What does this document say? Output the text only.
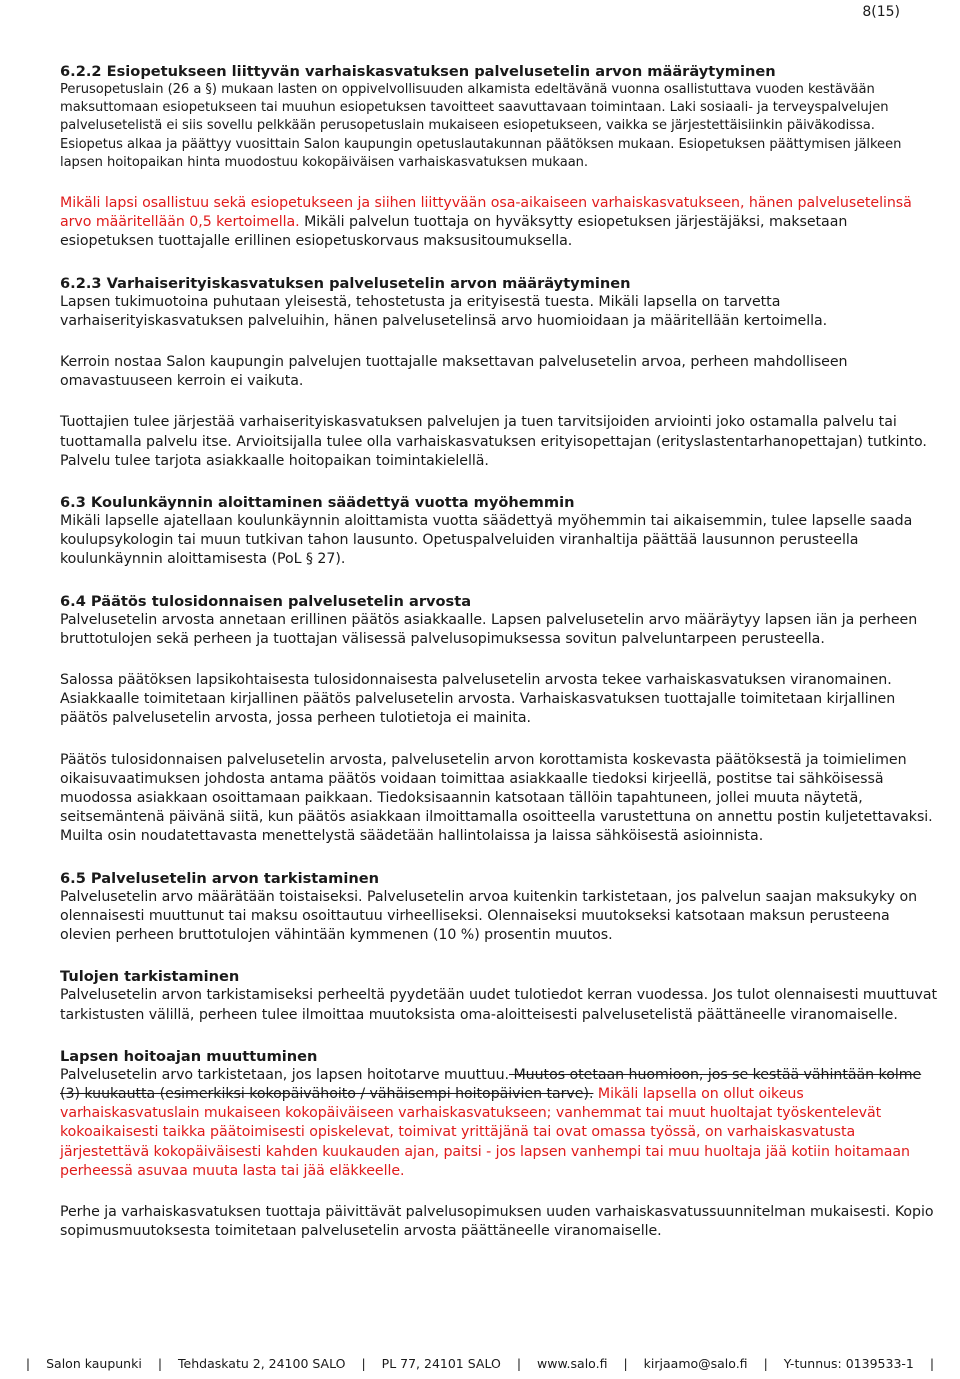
8(15)
6.2.2 Esiopetukseen liittyvän varhaiskasvatuksen palvelusetelin arvon määräytyminen

Perusopetuslain (26 a §) mukaan lasten on oppivelvollisuuden alkamista edeltävänä vuonna osallistuttava vuoden kestävään maksuttomaan esiopetukseen tai muuhun esiopetuksen tavoitteet saavuttavaan toimintaan. Laki sosiaali- ja terveyspalvelujen palvelusetelistä ei siis sovellu pelkkään perusopetuslain mukaiseen esiopetukseen, vaikka se järjestettäisiinkin päiväkodissa. Esiopetus alkaa ja päättyy vuosittain Salon kaupungin opetuslautakunnan päätöksen mukaan. Esiopetuksen päättymisen jälkeen lapsen hoitopaikan hinta muodostuu kokopäiväisen varhaiskasvatuksen mukaan.

Mikäli lapsi osallistuu sekä esiopetukseen ja siihen liittyvään osa-aikaiseen varhaiskasvatukseen, hänen palvelusetelinsä arvo määritellään 0,5 kertoimella. Mikäli palvelun tuottaja on hyväksytty esiopetuksen järjestäjäksi, maksetaan esiopetuksen tuottajalle erillinen esiopetuskorvaus maksusitoumuksella.

6.2.3 Varhaiserityiskasvatuksen palvelusetelin arvon määräytyminen

Lapsen tukimuotoina puhutaan yleisestä, tehostetusta ja erityisestä tuesta. Mikäli lapsella on tarvetta varhaiserityiskasvatuksen palveluihin, hänen palvelusetelinsä arvo huomioidaan ja määritellään kertoimella.

Kerroin nostaa Salon kaupungin palvelujen tuottajalle maksettavan palvelusetelin arvoa, perheen mahdolliseen omavastuuseen kerroin ei vaikuta.

Tuottajien tulee järjestää varhaiserityiskasvatuksen palvelujen ja tuen tarvitsijoiden arviointi joko ostamalla palvelu tai tuottamalla palvelu itse. Arvioitsijalla tulee olla varhaiskasvatuksen erityisopettajan (erityslastentarhanopettajan) tutkinto. Palvelu tulee tarjota asiakkaalle hoitopaikan toimintakielellä.

6.3 Koulunkäynnin aloittaminen säädettyä vuotta myöhemmin

Mikäli lapselle ajatellaan koulunkäynnin aloittamista vuotta säädettyä myöhemmin tai aikaisemmin, tulee lapselle saada koulupsykologin tai muun tutkivan tahon lausunto. Opetuspalveluiden viranhaltija päättää lausunnon perusteella koulunkäynnin aloittamisesta (PoL § 27).

6.4 Päätös tulosidonnaisen palvelusetelin arvosta

Palvelusetelin arvosta annetaan erillinen päätös asiakkaalle. Lapsen palvelusetelin arvo määräytyy lapsen iän ja perheen bruttotulojen sekä perheen ja tuottajan välisessä palvelusopimuksessa sovitun palveluntarpeen perusteella.

Salossa päätöksen lapsikohtaisesta tulosidonnaisesta palvelusetelin arvosta tekee varhaiskasvatuksen viranomainen. Asiakkaalle toimitetaan kirjallinen päätös palvelusetelin arvosta. Varhaiskasvatuksen tuottajalle toimitetaan kirjallinen päätös palvelusetelin arvosta, jossa perheen tulotietoja ei mainita.

Päätös tulosidonnaisen palvelusetelin arvosta, palvelusetelin arvon korottamista koskevasta päätöksestä ja toimielimen oikaisuvaatimuksen johdosta antama päätös voidaan toimittaa asiakkaalle tiedoksi kirjeellä, postitse tai sähköisessä muodossa asiakkaan osoittamaan paikkaan. Tiedoksisaannin katsotaan tällöin tapahtuneen, jollei muuta näytetä, seitsemäntenä päivänä siitä, kun päätös asiakkaan ilmoittamalla osoitteella varustettuna on annettu postin kuljetettavaksi. Muilta osin noudatettavasta menettelystä säädetään hallintolaissa ja laissa sähköisestä asioinnista.

6.5 Palvelusetelin arvon tarkistaminen

Palvelusetelin arvo määrätään toistaiseksi. Palvelusetelin arvoa kuitenkin tarkistetaan, jos palvelun saajan maksukyky on olennaisesti muuttunut tai maksu osoittautuu virheelliseksi. Olennaiseksi muutokseksi katsotaan maksun perusteena olevien perheen bruttotulojen vähintään kymmenen (10 %) prosentin muutos.

Tulojen tarkistaminen

Palvelusetelin arvon tarkistamiseksi perheeltä pyydetään uudet tulotiedot kerran vuodessa. Jos tulot olennaisesti muuttuvat tarkistusten välillä, perheen tulee ilmoittaa muutoksista oma-aloitteisesti palvelusetelistä päättäneelle viranomaiselle.

Lapsen hoitoajan muuttuminen

Palvelusetelin arvo tarkistetaan, jos lapsen hoitotarve muuttuu. Muutos otetaan huomioon, jos se kestää vähintään kolme (3) kuukautta (esimerkiksi kokopäivähoito / vähäisempi hoitopäivien tarve). Mikäli lapsella on ollut oikeus varhaiskasvatuslain mukaiseen kokopäiväiseen varhaiskasvatukseen; vanhemmat tai muut huoltajat työskentelevät kokoaikaisesti taikka päätoimisesti opiskelevat, toimivat yrittäjänä tai ovat omassa työssä, on varhaiskasvatusta järjestettävä kokopäiväisesti kahden kuukauden ajan, paitsi - jos lapsen vanhempi tai muu huoltaja jää kotiin hoitamaan perheessä asuvaa muuta lasta tai jää eläkkeelle.

Perhe ja varhaiskasvatuksen tuottaja päivittävät palvelusopimuksen uuden varhaiskasvatussuunnitelman mukaisesti. Kopio sopimusmuutoksesta toimitetaan palvelusetelin arvosta päättäneelle viranomaiselle.

| Salon kaupunki | Tehdaskatu 2, 24100 SALO | PL 77, 24101 SALO | www.salo.fi | kirjaamo@salo.fi | Y-tunnus: 0139533-1 |
